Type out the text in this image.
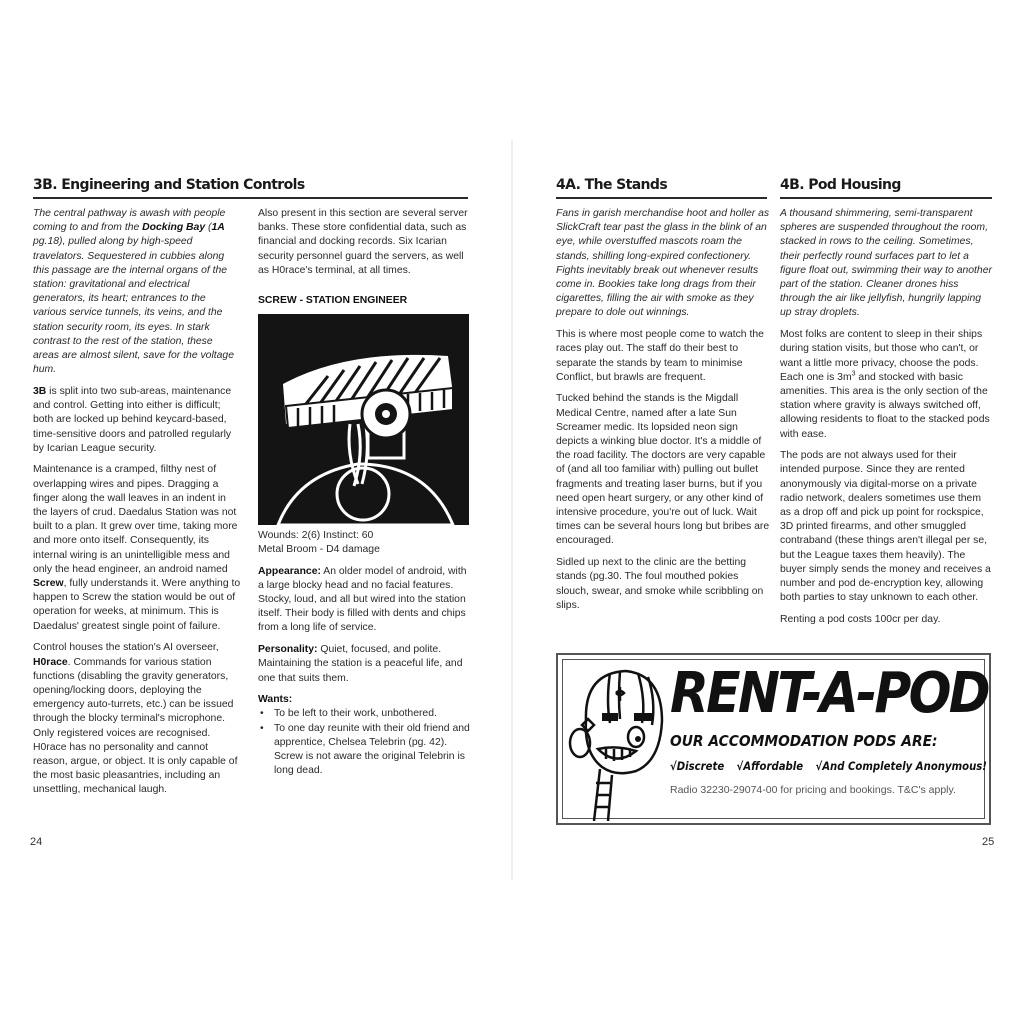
3B. Engineering and Station Controls

The central pathway is awash with people coming to and from the Docking Bay (1A pg.18), pulled along by high-speed travelators. Sequestered in cubbies along this passage are the internal organs of the station: gravitational and electrical generators, its heart; entrances to the various service tunnels, its veins, and the station security room, its eyes. In stark contrast to the rest of the station, these areas are almost silent, save for the voltage hum.

3B is split into two sub-areas, maintenance and control. Getting into either is difficult; both are locked up behind keycard-based, time-sensitive doors and patrolled regularly by Icarian League security.

Maintenance is a cramped, filthy nest of overlapping wires and pipes. Dragging a finger along the wall leaves in an indent in the layers of crud. Daedalus Station was not built to a plan. It grew over time, taking more and more onto itself. Consequently, its internal wiring is an unintelligible mess and only the head engineer, an android named Screw, fully understands it. Were anything to happen to Screw the station would be out of operation for weeks, at minimum. This is Daedalus' greatest single point of failure.

Control houses the station's AI overseer, H0race. Commands for various station functions (disabling the gravity generators, opening/locking doors, deploying the emergency auto-turrets, etc.) can be issued through the blocky terminal's microphone. Only registered voices are recognised. H0race has no personality and cannot reason, argue, or object. It is only capable of the most basic pleasantries, including an unsettling, mechanical laugh.

Also present in this section are several server banks. These store confidential data, such as financial and docking records. Six Icarian security personnel guard the servers, as well as H0race's terminal, at all times.

SCREW - STATION ENGINEER
Wounds: 2(6) Instinct: 60
Metal Broom - D4 damage

Appearance: An older model of android, with a large blocky head and no facial features. Stocky, loud, and all but wired into the station itself. Their body is filled with dents and chips from a long life of service.

Personality: Quiet, focused, and polite. Maintaining the station is a peaceful life, and one that suits them.

Wants:
• To be left to their work, unbothered.
• To one day reunite with their old friend and apprentice, Chelsea Telebrin (pg. 42). Screw is not aware the original Telebrin is long dead.
24
4A. The Stands	4B. Pod Housing

Fans in garish merchandise hoot and holler as SlickCraft tear past the glass in the blink of an eye, while overstuffed mascots roam the stands, shilling long-expired confectionery. Fights inevitably break out whenever results come in. Bookies take long drags from their cigarettes, filling the air with smoke as they prepare to dole out winnings.

This is where most people come to watch the races play out. The staff do their best to separate the stands by team to minimise Conflict, but brawls are frequent.

Tucked behind the stands is the Migdall Medical Centre, named after a late Sun Screamer medic. Its lopsided neon sign depicts a winking blue doctor. It's a middle of the road facility. The doctors are very capable of (and all too familiar with) pulling out bullet fragments and treating laser burns, but if you need open heart surgery, or any other kind of intensive procedure, you're out of luck. Wait times can be several hours long but bribes are encouraged.

Sidled up next to the clinic are the betting stands (pg.30. The foul mouthed pokies slouch, swear, and smoke while scribbling on slips.

A thousand shimmering, semi-transparent spheres are suspended throughout the room, stacked in rows to the ceiling. Sometimes, their perfectly round surfaces part to let a figure float out, swimming their way to another part of the station. Cleaner drones hiss through the air like jellyfish, hungrily lapping up stray droplets.

Most folks are content to sleep in their ships during station visits, but those who can't, or want a little more privacy, choose the pods. Each one is $3m^3$ and stocked with basic amenities. This area is the only section of the station where gravity is always switched off, allowing residents to float to the stacked pods with ease.

The pods are not always used for their intended purpose. Since they are rented anonymously via digital-morse on a private radio network, dealers sometimes use them as a drop off and pick up point for rockspice, 3D printed firearms, and other smuggled contraband (these things aren't illegal per se, but the League taxes them heavily). The buyer simply sends the money and receives a number and pod de-encryption key, allowing both parties to stay unknown to each other.

Renting a pod costs 100cr per day.

RENT-A-POD
OUR ACCOMMODATION PODS ARE:
√Discrete √Affordable √And Completely Anonymous!
Radio 32230-29074-00 for pricing and bookings. T&C's apply.
25
